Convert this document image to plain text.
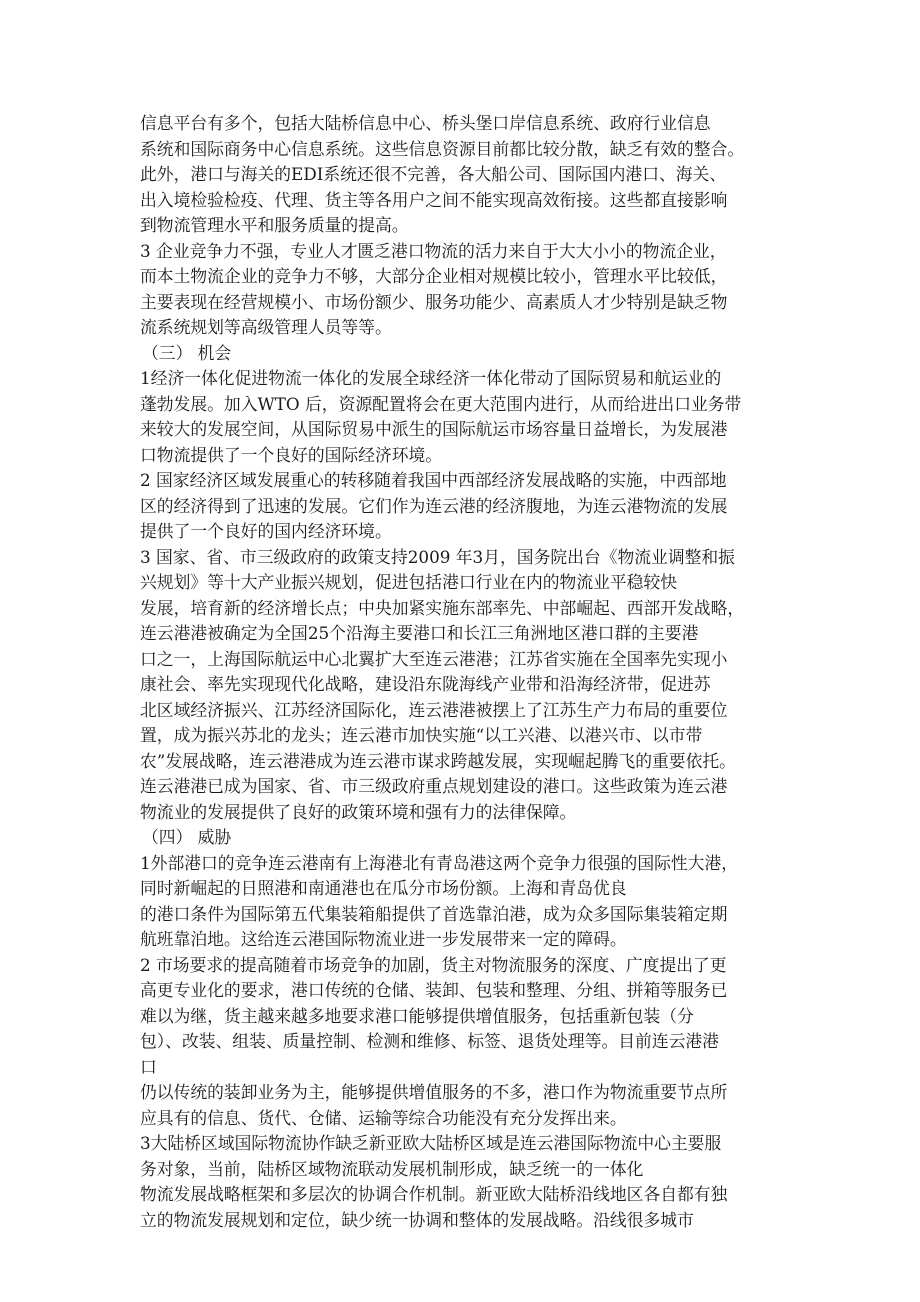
信息平台有多个，包括大陆桥信息中心、桥头堡口岸信息系统、政府行业信息
系统和国际商务中心信息系统。这些信息资源目前都比较分散，缺乏有效的整合。
此外，港口与海关的EDI系统还很不完善，各大船公司、国际国内港口、海关、
出入境检验检疫、代理、货主等各用户之间不能实现高效衔接。这些都直接影响
到物流管理水平和服务质量的提高。
3 企业竞争力不强，专业人才匮乏港口物流的活力来自于大大小小的物流企业，
而本土物流企业的竞争力不够，大部分企业相对规模比较小，管理水平比较低，
主要表现在经营规模小、市场份额少、服务功能少、高素质人才少特别是缺乏物
流系统规划等高级管理人员等等。
（三） 机会
1经济一体化促进物流一体化的发展全球经济一体化带动了国际贸易和航运业的
蓬勃发展。加入WTO 后，资源配置将会在更大范围内进行，从而给进出口业务带
来较大的发展空间，从国际贸易中派生的国际航运市场容量日益增长，为发展港
口物流提供了一个良好的国际经济环境。
2 国家经济区域发展重心的转移随着我国中西部经济发展战略的实施，中西部地
区的经济得到了迅速的发展。它们作为连云港的经济腹地，为连云港物流的发展
提供了一个良好的国内经济环境。
3 国家、省、市三级政府的政策支持2009 年3月，国务院出台《物流业调整和振
兴规划》等十大产业振兴规划，促进包括港口行业在内的物流业平稳较快
发展，培育新的经济增长点；中央加紧实施东部率先、中部崛起、西部开发战略，
连云港港被确定为全国25个沿海主要港口和长江三角洲地区港口群的主要港
口之一，上海国际航运中心北翼扩大至连云港港；江苏省实施在全国率先实现小
康社会、率先实现现代化战略，建设沿东陇海线产业带和沿海经济带，促进苏
北区域经济振兴、江苏经济国际化，连云港港被摆上了江苏生产力布局的重要位
置，成为振兴苏北的龙头；连云港市加快实施“以工兴港、以港兴市、以市带
农”发展战略，连云港港成为连云港市谋求跨越发展，实现崛起腾飞的重要依托。
连云港港已成为国家、省、市三级政府重点规划建设的港口。这些政策为连云港
物流业的发展提供了良好的政策环境和强有力的法律保障。
（四） 威胁
1外部港口的竞争连云港南有上海港北有青岛港这两个竞争力很强的国际性大港，
同时新崛起的日照港和南通港也在瓜分市场份额。上海和青岛优良
的港口条件为国际第五代集装箱船提供了首选靠泊港，成为众多国际集装箱定期
航班靠泊地。这给连云港国际物流业进一步发展带来一定的障碍。
2 市场要求的提高随着市场竞争的加剧，货主对物流服务的深度、广度提出了更
高更专业化的要求，港口传统的仓储、装卸、包装和整理、分组、拼箱等服务已
难以为继，货主越来越多地要求港口能够提供增值服务，包括重新包装（分
包）、改装、组装、质量控制、检测和维修、标签、退货处理等。目前连云港港
口
仍以传统的装卸业务为主，能够提供增值服务的不多，港口作为物流重要节点所
应具有的信息、货代、仓储、运输等综合功能没有充分发挥出来。
3大陆桥区域国际物流协作缺乏新亚欧大陆桥区域是连云港国际物流中心主要服
务对象，当前，陆桥区域物流联动发展机制形成，缺乏统一的一体化
物流发展战略框架和多层次的协调合作机制。新亚欧大陆桥沿线地区各自都有独
立的物流发展规划和定位，缺少统一协调和整体的发展战略。沿线很多城市
